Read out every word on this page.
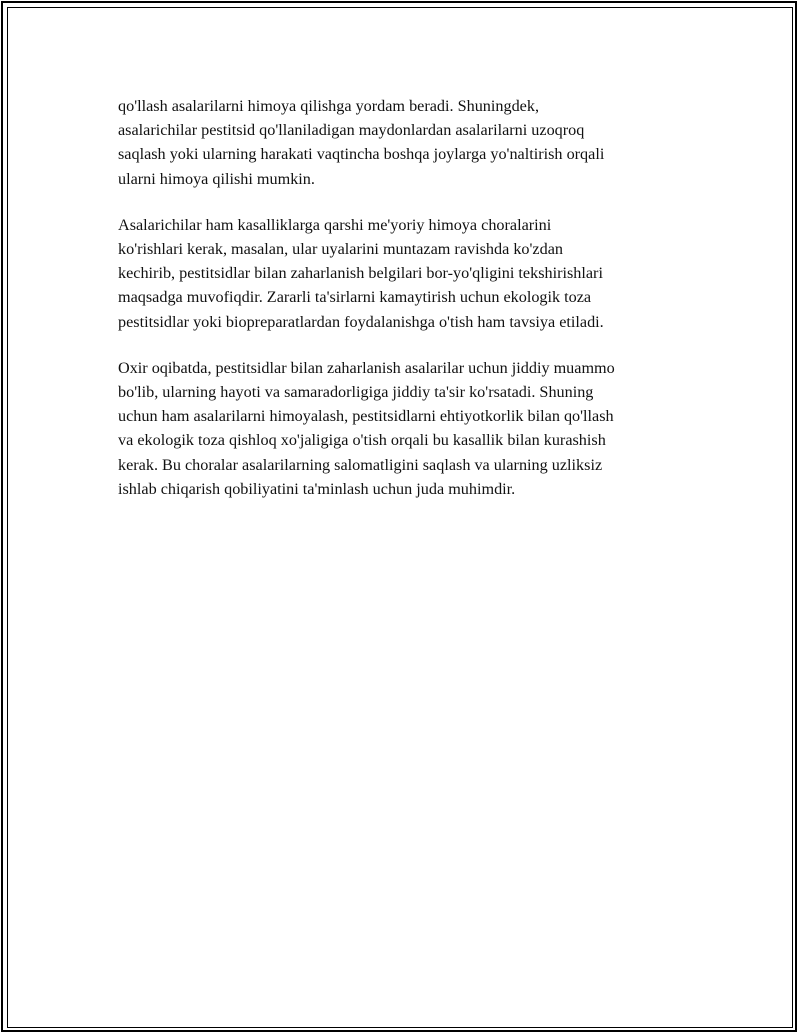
qo'llash asalarilarni himoya qilishga yordam beradi. Shuningdek,
asalarichilar pestitsid qo'llaniladigan maydonlardan asalarilarni uzoqroq
saqlash yoki ularning harakati vaqtincha boshqa joylarga yo'naltirish orqali
ularni himoya qilishi mumkin.

Asalarichilar ham kasalliklarga qarshi me'yoriy himoya choralarini
ko'rishlari kerak, masalan, ular uyalarini muntazam ravishda ko'zdan
kechirib, pestitsidlar bilan zaharlanish belgilari bor-yo'qligini tekshirishlari
maqsadga muvofiqdir. Zararli ta'sirlarni kamaytirish uchun ekologik toza
pestitsidlar yoki biopreparatlardan foydalanishga o'tish ham tavsiya etiladi.

Oxir oqibatda, pestitsidlar bilan zaharlanish asalarilar uchun jiddiy muammo
bo'lib, ularning hayoti va samaradorligiga jiddiy ta'sir ko'rsatadi. Shuning
uchun ham asalarilarni himoyalash, pestitsidlarni ehtiyotkorlik bilan qo'llash
va ekologik toza qishloq xo'jaligiga o'tish orqali bu kasallik bilan kurashish
kerak. Bu choralar asalarilarning salomatligini saqlash va ularning uzliksiz
ishlab chiqarish qobiliyatini ta'minlash uchun juda muhimdir.
